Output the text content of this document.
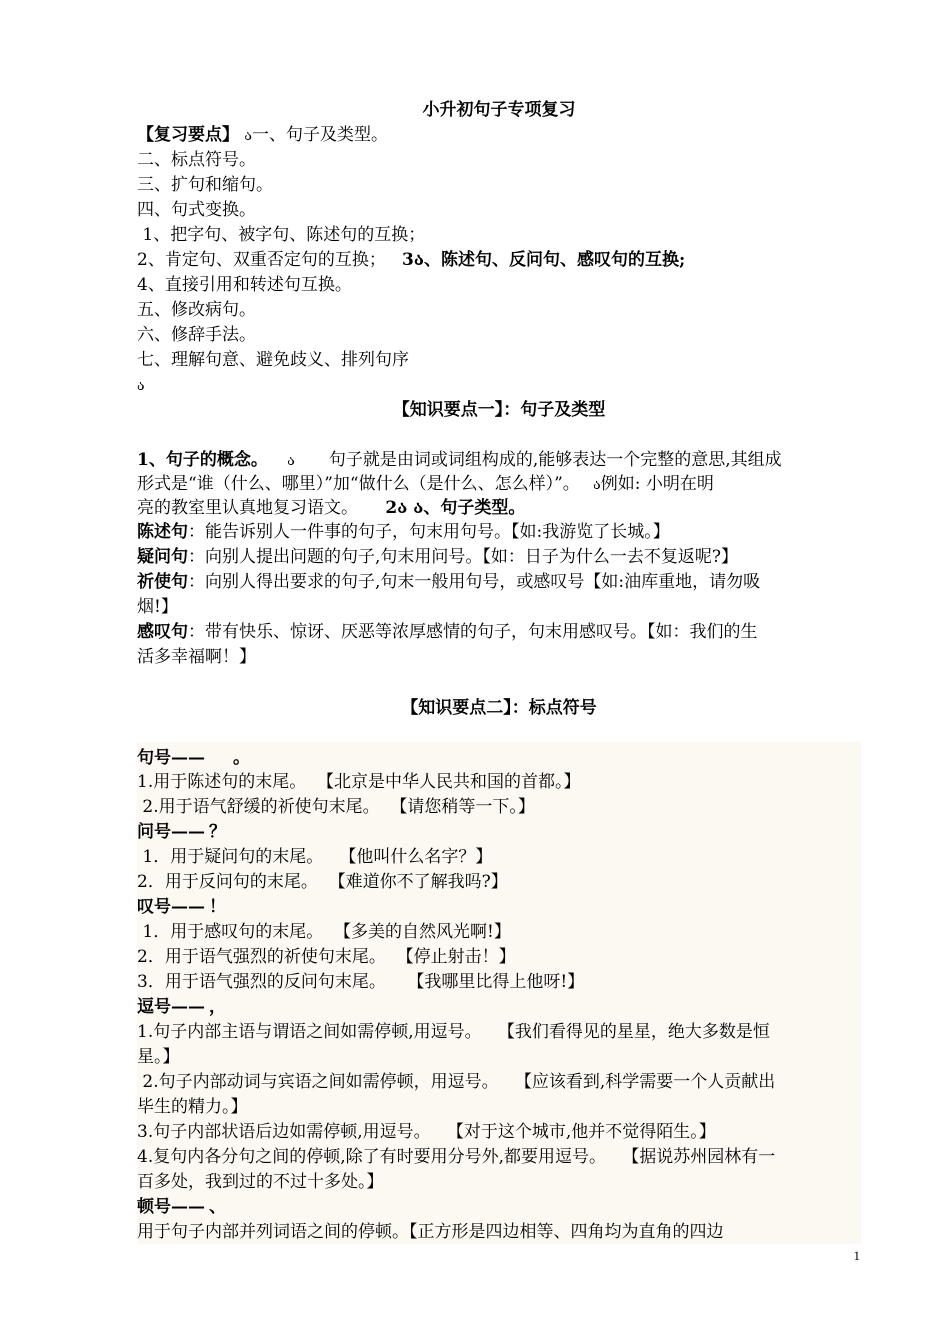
小升初句子专项复习
【复习要点】 ა一、句子及类型。
二、标点符号。
三、扩句和缩句。
四、句式变换。
1、把字句、被字句、陈述句的互换；
2、肯定句、双重否定句的互换； 3ა、陈述句、反问句、感叹句的互换;
4、直接引用和转述句互换。
五、修改病句。
六、修辞手法。
七、理解句意、避免歧义、排列句序
ა
【知识要点一】：句子及类型
1、句子的概念。 ა 句子就是由词或词组构成的,能够表达一个完整的意思,其组成
形式是“谁（什么、哪里）”加“做什么（是什么、怎么样）”。 ა例如: 小明在明
亮的教室里认真地复习语文。 2ა ა、句子类型。
陈述句：能告诉别人一件事的句子，句末用句号。【如:我游览了长城。】
疑问句：向别人提出问题的句子,句末用问号。【如：日子为什么一去不复返呢?】
祈使句：向别人得出要求的句子,句末一般用句号，或感叹号【如:油库重地，请勿吸
烟!】
感叹句：带有快乐、惊讶、厌恶等浓厚感情的句子，句末用感叹号。【如：我们的生
活多幸福啊！】
【知识要点二】：标点符号
句号—— 。
1.用于陈述句的末尾。  【北京是中华人民共和国的首都。】
2.用于语气舒缓的祈使句末尾。  【请您稍等一下。】
问号—— ？
1．用于疑问句的末尾。   【他叫什么名字？】
2．用于反问句的末尾。  【难道你不了解我吗?】
叹号—— ！
1．用于感叹句的末尾。  【多美的自然风光啊!】
2．用于语气强烈的祈使句末尾。  【停止射击！】
3．用于语气强烈的反问句末尾。    【我哪里比得上他呀!】
逗号—— ，
1.句子内部主语与谓语之间如需停顿,用逗号。   【我们看得见的星星，绝大多数是恒
星。】
2.句子内部动词与宾语之间如需停顿，用逗号。   【应该看到,科学需要一个人贡献出
毕生的精力。】
3.句子内部状语后边如需停顿,用逗号。   【对于这个城市,他并不觉得陌生。】
4.复句内各分句之间的停顿,除了有时要用分号外,都要用逗号。   【据说苏州园林有一
百多处，我到过的不过十多处。】
顿号—— 、
用于句子内部并列词语之间的停顿。【正方形是四边相等、四角均为直角的四边
1
